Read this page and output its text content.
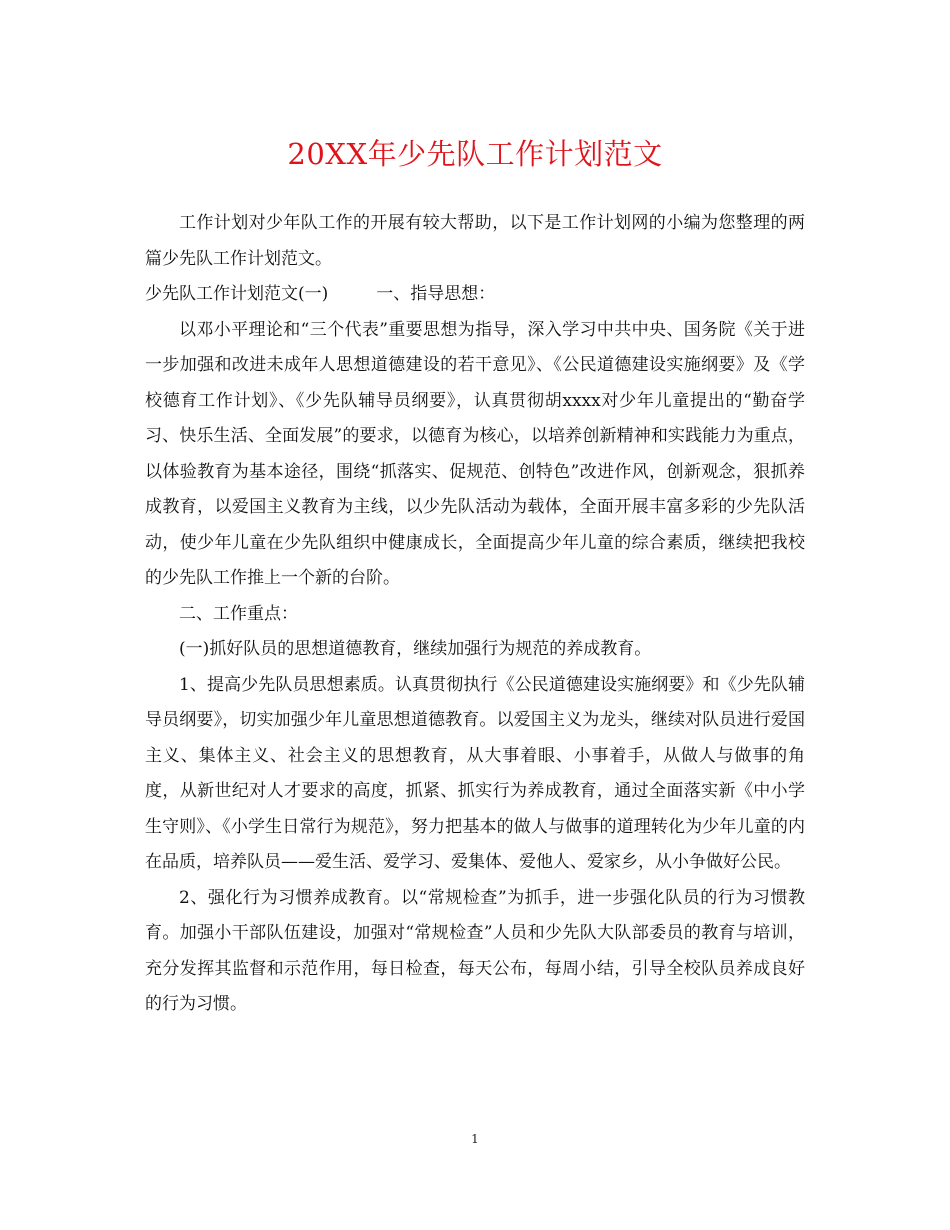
20XX年少先队工作计划范文

工作计划对少年队工作的开展有较大帮助，以下是工作计划网的小编为您整理的两篇少先队工作计划范文。

少先队工作计划范文(一)	一、指导思想：

以邓小平理论和“三个代表”重要思想为指导，深入学习中共中央、国务院《关于进一步加强和改进未成年人思想道德建设的若干意见》、《公民道德建设实施纲要》及《学校德育工作计划》、《少先队辅导员纲要》，认真贯彻胡xxxx对少年儿童提出的“勤奋学习、快乐生活、全面发展”的要求，以德育为核心，以培养创新精神和实践能力为重点，以体验教育为基本途径，围绕“抓落实、促规范、创特色”改进作风，创新观念，狠抓养成教育，以爱国主义教育为主线，以少先队活动为载体，全面开展丰富多彩的少先队活动，使少年儿童在少先队组织中健康成长，全面提高少年儿童的综合素质，继续把我校的少先队工作推上一个新的台阶。

二、工作重点：

(一)抓好队员的思想道德教育，继续加强行为规范的养成教育。

1、提高少先队员思想素质。认真贯彻执行《公民道德建设实施纲要》和《少先队辅导员纲要》，切实加强少年儿童思想道德教育。以爱国主义为龙头，继续对队员进行爱国主义、集体主义、社会主义的思想教育，从大事着眼、小事着手，从做人与做事的角度，从新世纪对人才要求的高度，抓紧、抓实行为养成教育，通过全面落实新《中小学生守则》、《小学生日常行为规范》，努力把基本的做人与做事的道理转化为少年儿童的内在品质，培养队员——爱生活、爱学习、爱集体、爱他人、爱家乡，从小争做好公民。

2、强化行为习惯养成教育。以“常规检查”为抓手，进一步强化队员的行为习惯教育。加强小干部队伍建设，加强对“常规检查”人员和少先队大队部委员的教育与培训，充分发挥其监督和示范作用，每日检查，每天公布，每周小结，引导全校队员养成良好的行为习惯。

1
